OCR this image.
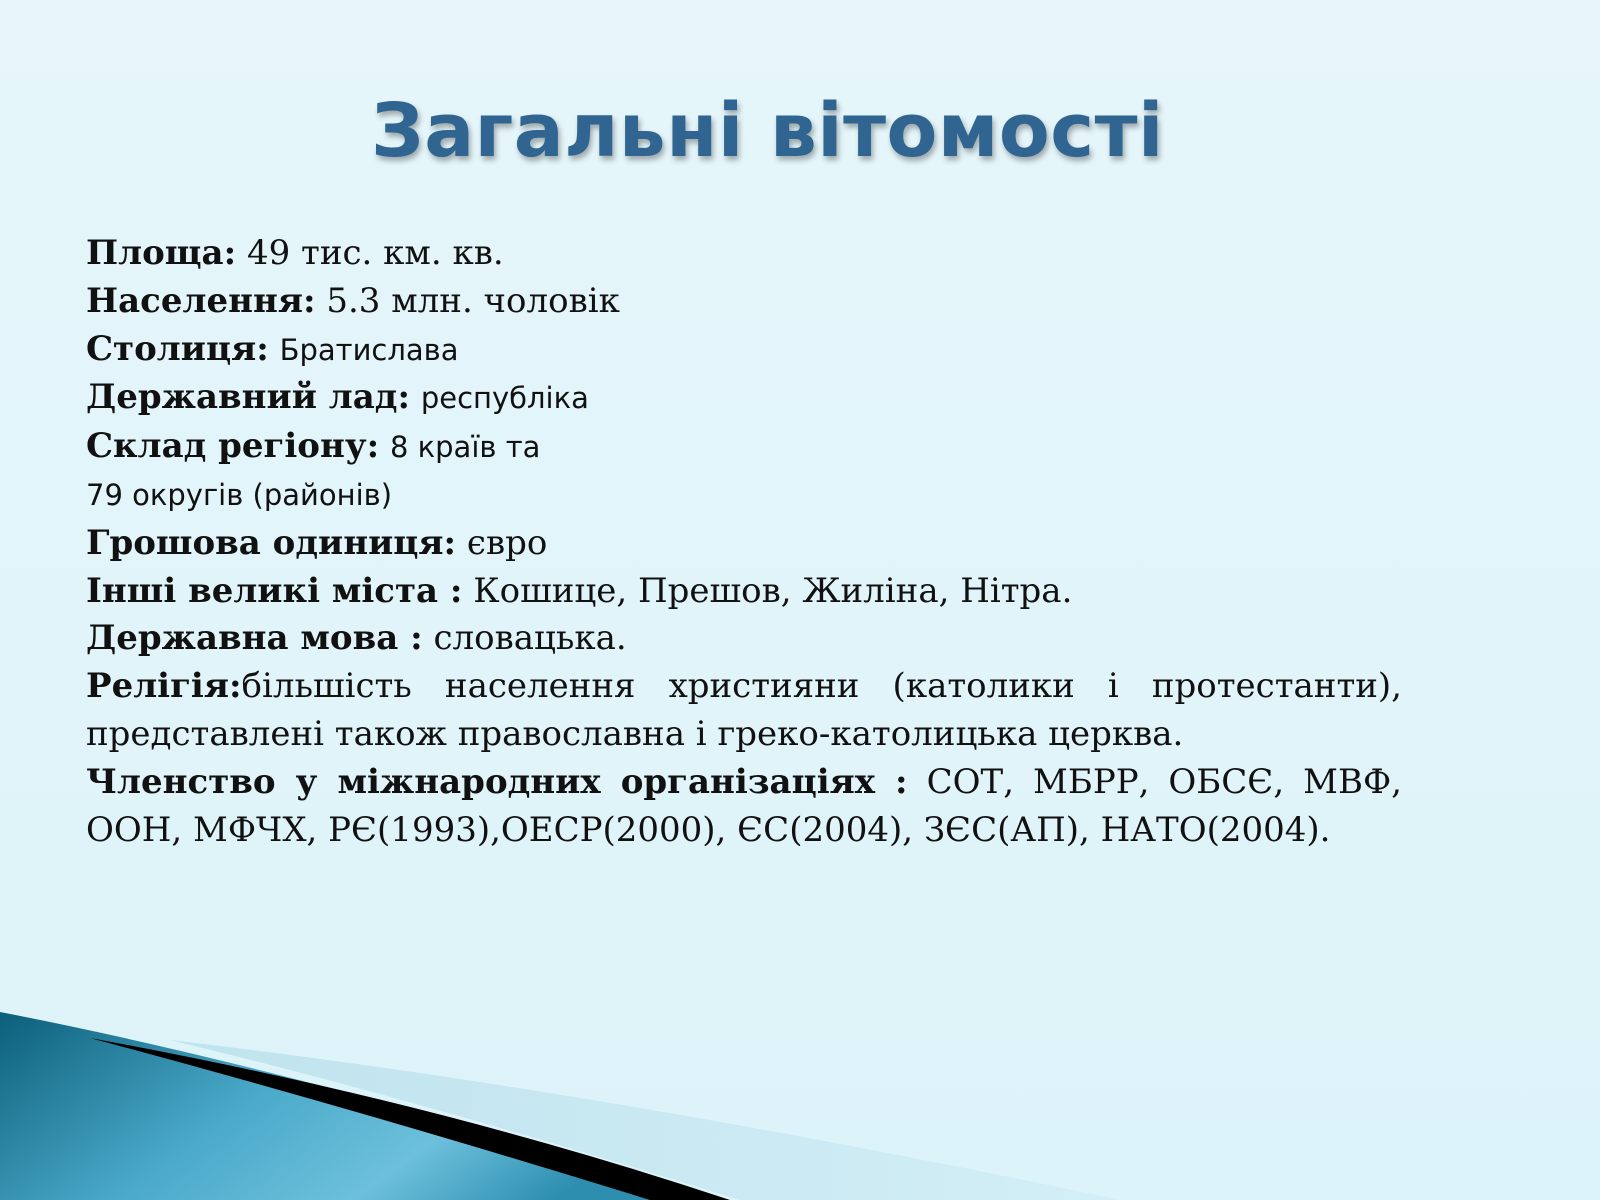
Загальні вітомості
Площа: 49 тис. км. кв.
Населення: 5.3 млн. чоловік
Столиця: Братислава
Державний лад: республіка
Склад регіону: 8 країв та
79 округів (районів)
Грошова одиниця: євро
Інші великі міста : Кошице, Прешов, Жиліна, Нітра.
Державна мова : словацька.
Релігія:більшість населення християни (католики і протестанти), представлені також православна і греко-католицька церква.
Членство у міжнародних організаціях : СОТ, МБРР, ОБСЄ, МВФ, ООН, МФЧХ, РЄ(1993),ОЕСР(2000), ЄС(2004), ЗЄС(АП), НАТО(2004).
